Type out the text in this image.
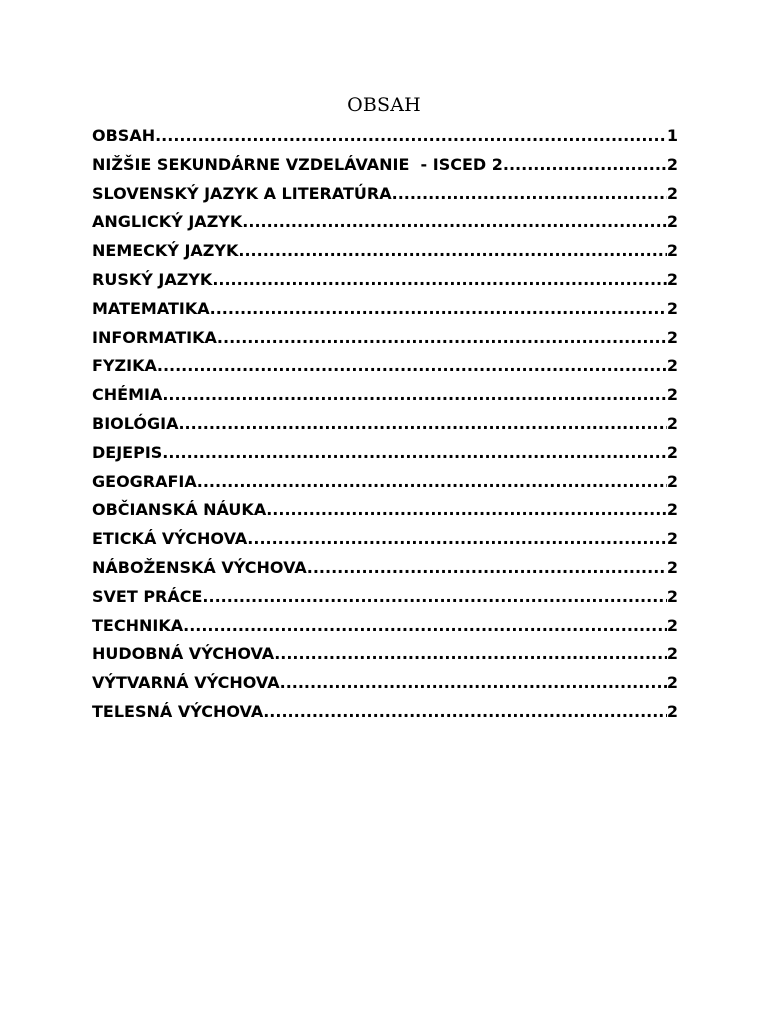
OBSAH
OBSAH .....	1
NIŽŠIE SEKUNDÁRNE VZDELÁVANIE  - ISCED 2 .....	2
SLOVENSKÝ JAZYK A LITERATÚRA .....	2
ANGLICKÝ JAZYK .....	2
NEMECKÝ JAZYK .....	2
RUSKÝ JAZYK .....	2
MATEMATIKA .....	2
INFORMATIKA .....	2
FYZIKA .....	2
CHÉMIA .....	2
BIOLÓGIA .....	2
DEJEPIS .....	2
GEOGRAFIA .....	2
OBČIANSKÁ NÁUKA .....	2
ETICKÁ VÝCHOVA .....	2
NÁBOŽENSKÁ VÝCHOVA .....	2
SVET PRÁCE .....	2
TECHNIKA .....	2
HUDOBNÁ VÝCHOVA .....	2
VÝTVARNÁ VÝCHOVA .....	2
TELESNÁ VÝCHOVA .....	2
